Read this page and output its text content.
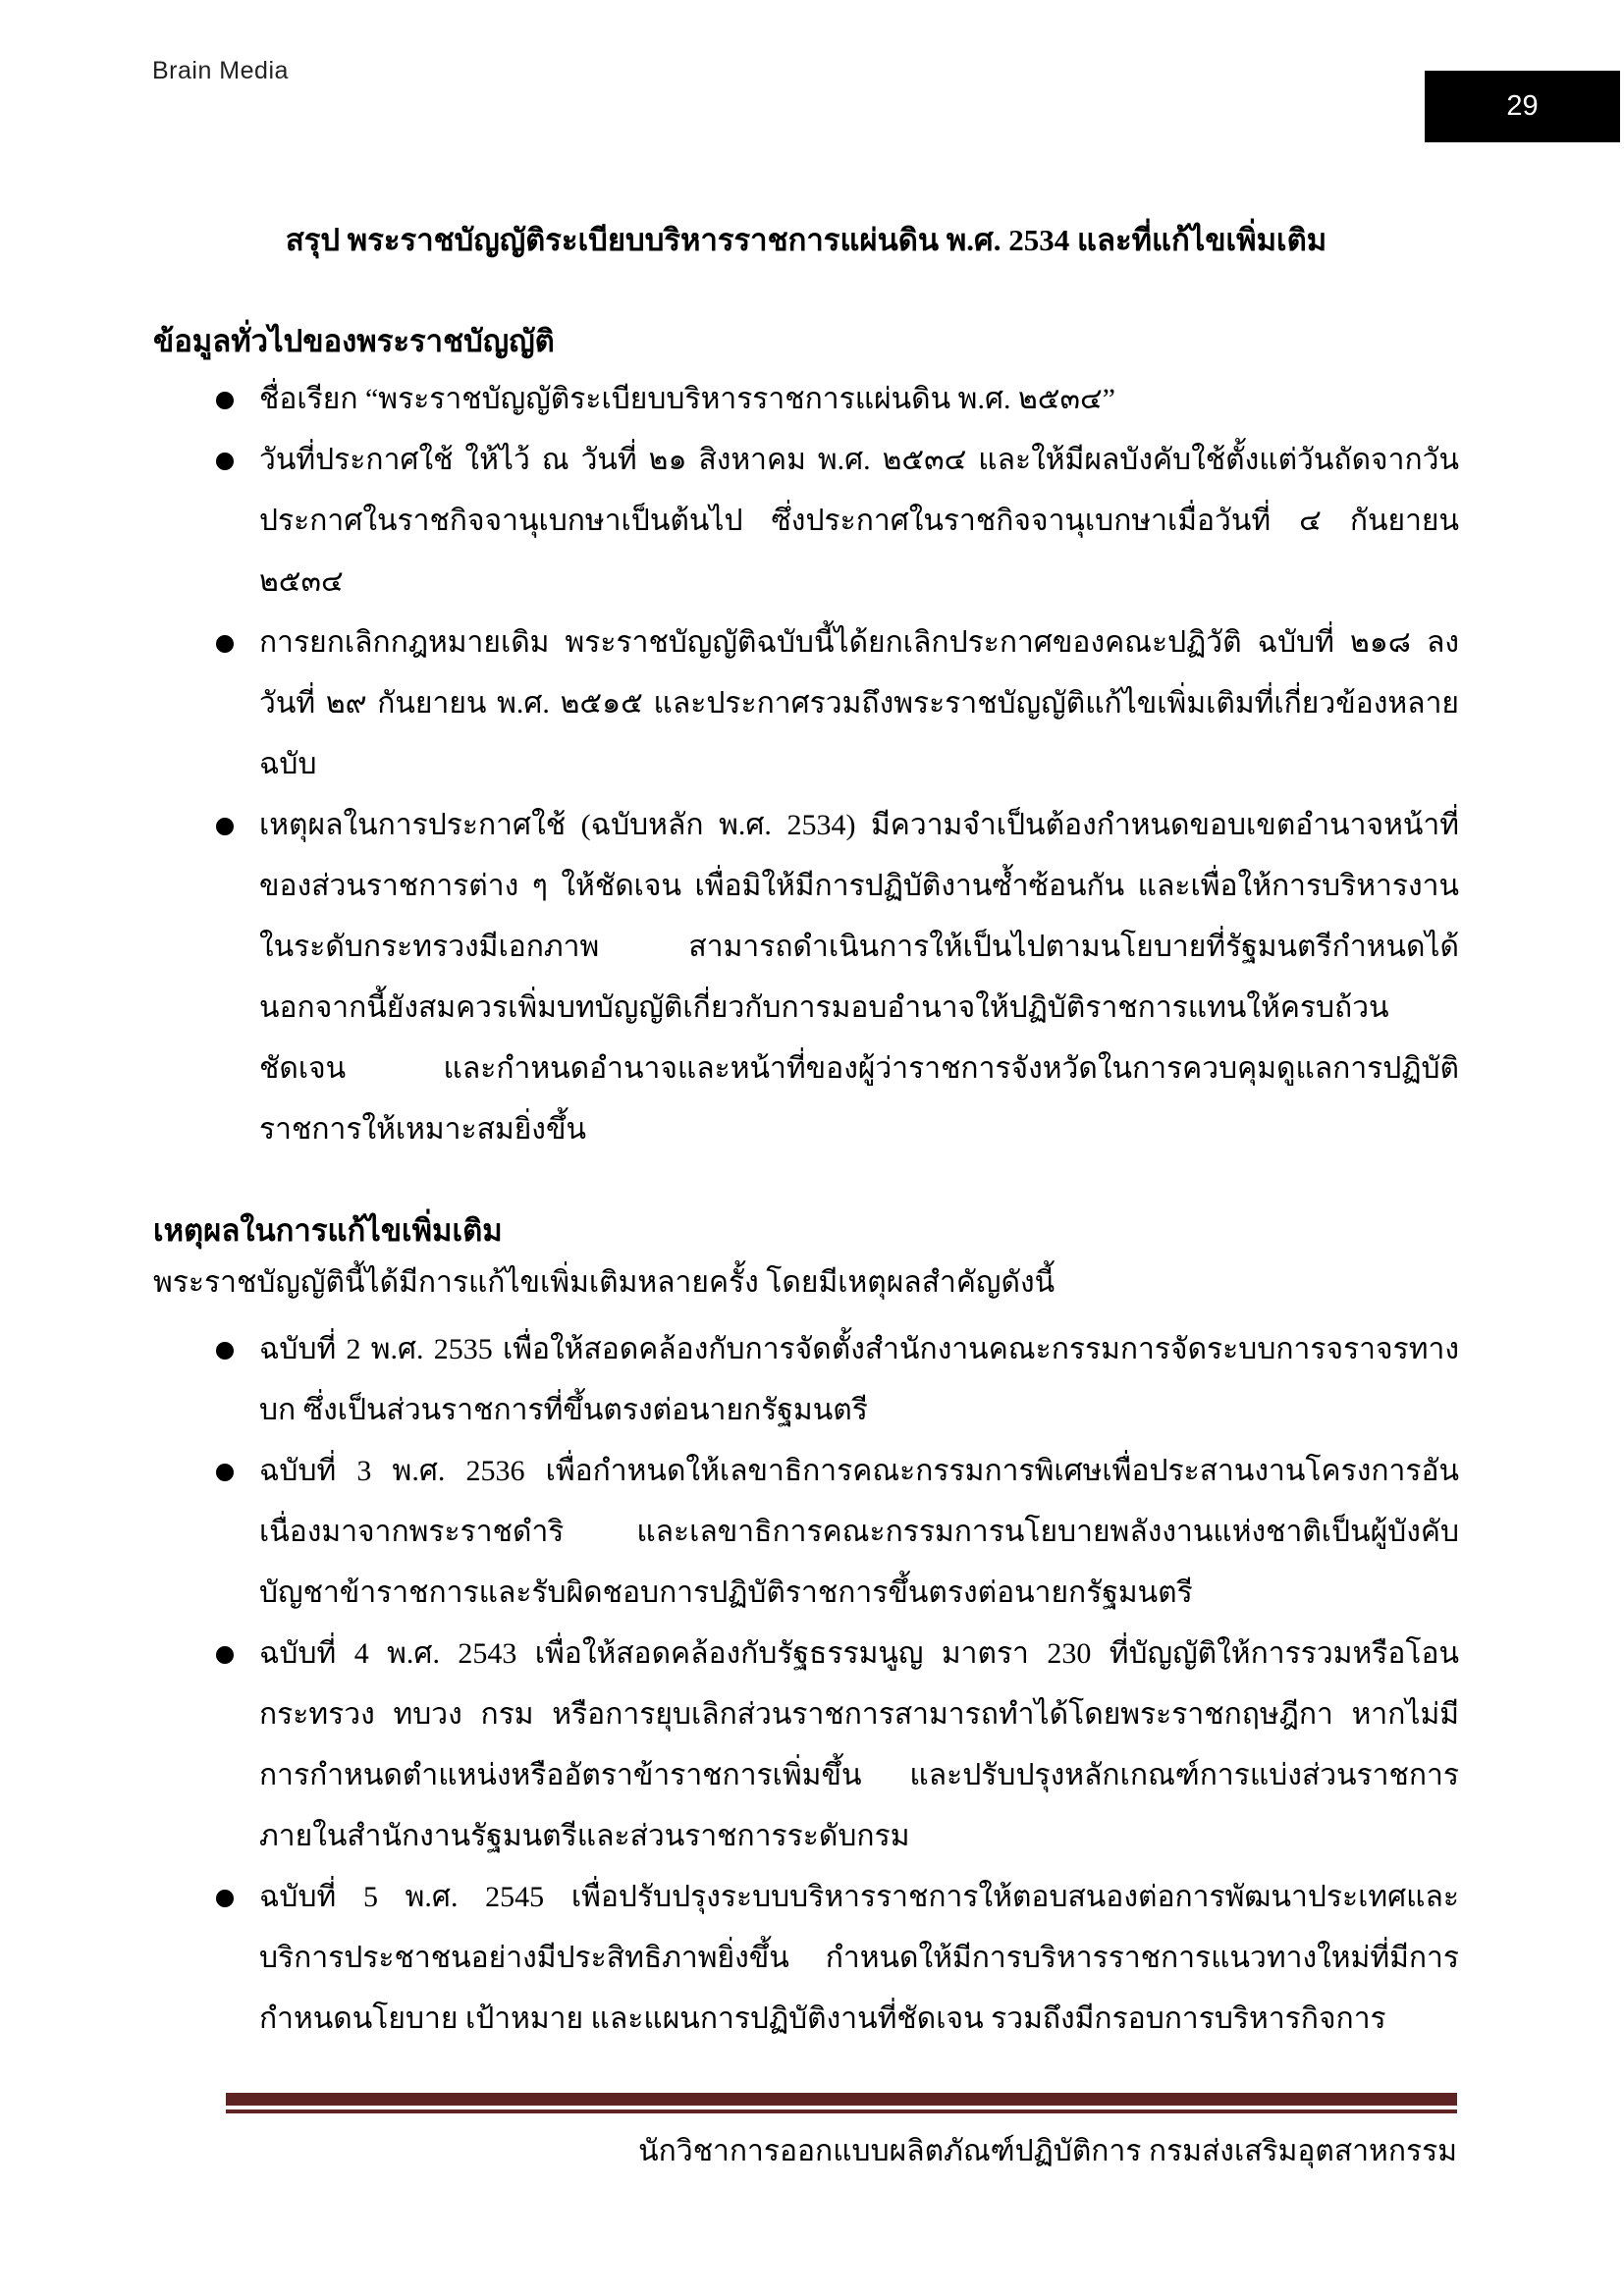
Brain Media
29
สรุป พระราชบัญญัติระเบียบบริหารราชการแผ่นดิน พ.ศ. 2534 และที่แก้ไขเพิ่มเติม
ข้อมูลทั่วไปของพระราชบัญญัติ
ชื่อเรียก “พระราชบัญญัติระเบียบบริหารราชการแผ่นดิน พ.ศ. ๒๕๓๔”
วันที่ประกาศใช้ ให้ไว้ ณ วันที่ ๒๑ สิงหาคม พ.ศ. ๒๕๓๔ และให้มีผลบังคับใช้ตั้งแต่วันถัดจากวันประกาศในราชกิจจานุเบกษาเป็นต้นไป ซึ่งประกาศในราชกิจจานุเบกษาเมื่อวันที่ ๔ กันยายน ๒๕๓๔
การยกเลิกกฎหมายเดิม พระราชบัญญัติฉบับนี้ได้ยกเลิกประกาศของคณะปฏิวัติ ฉบับที่ ๒๑๘ ลงวันที่ ๒๙ กันยายน พ.ศ. ๒๕๑๕ และประกาศรวมถึงพระราชบัญญัติแก้ไขเพิ่มเติมที่เกี่ยวข้องหลายฉบับ
เหตุผลในการประกาศใช้ (ฉบับหลัก พ.ศ. 2534) มีความจำเป็นต้องกำหนดขอบเขตอำนาจหน้าที่ของส่วนราชการต่าง ๆ ให้ชัดเจน เพื่อมิให้มีการปฏิบัติงานซ้ำซ้อนกัน และเพื่อให้การบริหารงานในระดับกระทรวงมีเอกภาพ สามารถดำเนินการให้เป็นไปตามนโยบายที่รัฐมนตรีกำหนดได้ นอกจากนี้ยังสมควรเพิ่มบทบัญญัติเกี่ยวกับการมอบอำนาจให้ปฏิบัติราชการแทนให้ครบถ้วนชัดเจน และกำหนดอำนาจและหน้าที่ของผู้ว่าราชการจังหวัดในการควบคุมดูแลการปฏิบัติราชการให้เหมาะสมยิ่งขึ้น
เหตุผลในการแก้ไขเพิ่มเติม
พระราชบัญญัตินี้ได้มีการแก้ไขเพิ่มเติมหลายครั้ง โดยมีเหตุผลสำคัญดังนี้
ฉบับที่ 2 พ.ศ. 2535 เพื่อให้สอดคล้องกับการจัดตั้งสำนักงานคณะกรรมการจัดระบบการจราจรทางบก ซึ่งเป็นส่วนราชการที่ขึ้นตรงต่อนายกรัฐมนตรี
ฉบับที่ 3 พ.ศ. 2536 เพื่อกำหนดให้เลขาธิการคณะกรรมการพิเศษเพื่อประสานงานโครงการอันเนื่องมาจากพระราชดำริ และเลขาธิการคณะกรรมการนโยบายพลังงานแห่งชาติเป็นผู้บังคับบัญชาข้าราชการและรับผิดชอบการปฏิบัติราชการขึ้นตรงต่อนายกรัฐมนตรี
ฉบับที่ 4 พ.ศ. 2543 เพื่อให้สอดคล้องกับรัฐธรรมนูญ มาตรา 230 ที่บัญญัติให้การรวมหรือโอนกระทรวง ทบวง กรม หรือการยุบเลิกส่วนราชการสามารถทำได้โดยพระราชกฤษฎีกา หากไม่มีการกำหนดตำแหน่งหรืออัตราข้าราชการเพิ่มขึ้น และปรับปรุงหลักเกณฑ์การแบ่งส่วนราชการภายในสำนักงานรัฐมนตรีและส่วนราชการระดับกรม
ฉบับที่ 5 พ.ศ. 2545 เพื่อปรับปรุงระบบบริหารราชการให้ตอบสนองต่อการพัฒนาประเทศและบริการประชาชนอย่างมีประสิทธิภาพยิ่งขึ้น กำหนดให้มีการบริหารราชการแนวทางใหม่ที่มีการกำหนดนโยบาย เป้าหมาย และแผนการปฏิบัติงานที่ชัดเจน รวมถึงมีกรอบการบริหารกิจการ
นักวิชาการออกแบบผลิตภัณฑ์ปฏิบัติการ กรมส่งเสริมอุตสาหกรรม
